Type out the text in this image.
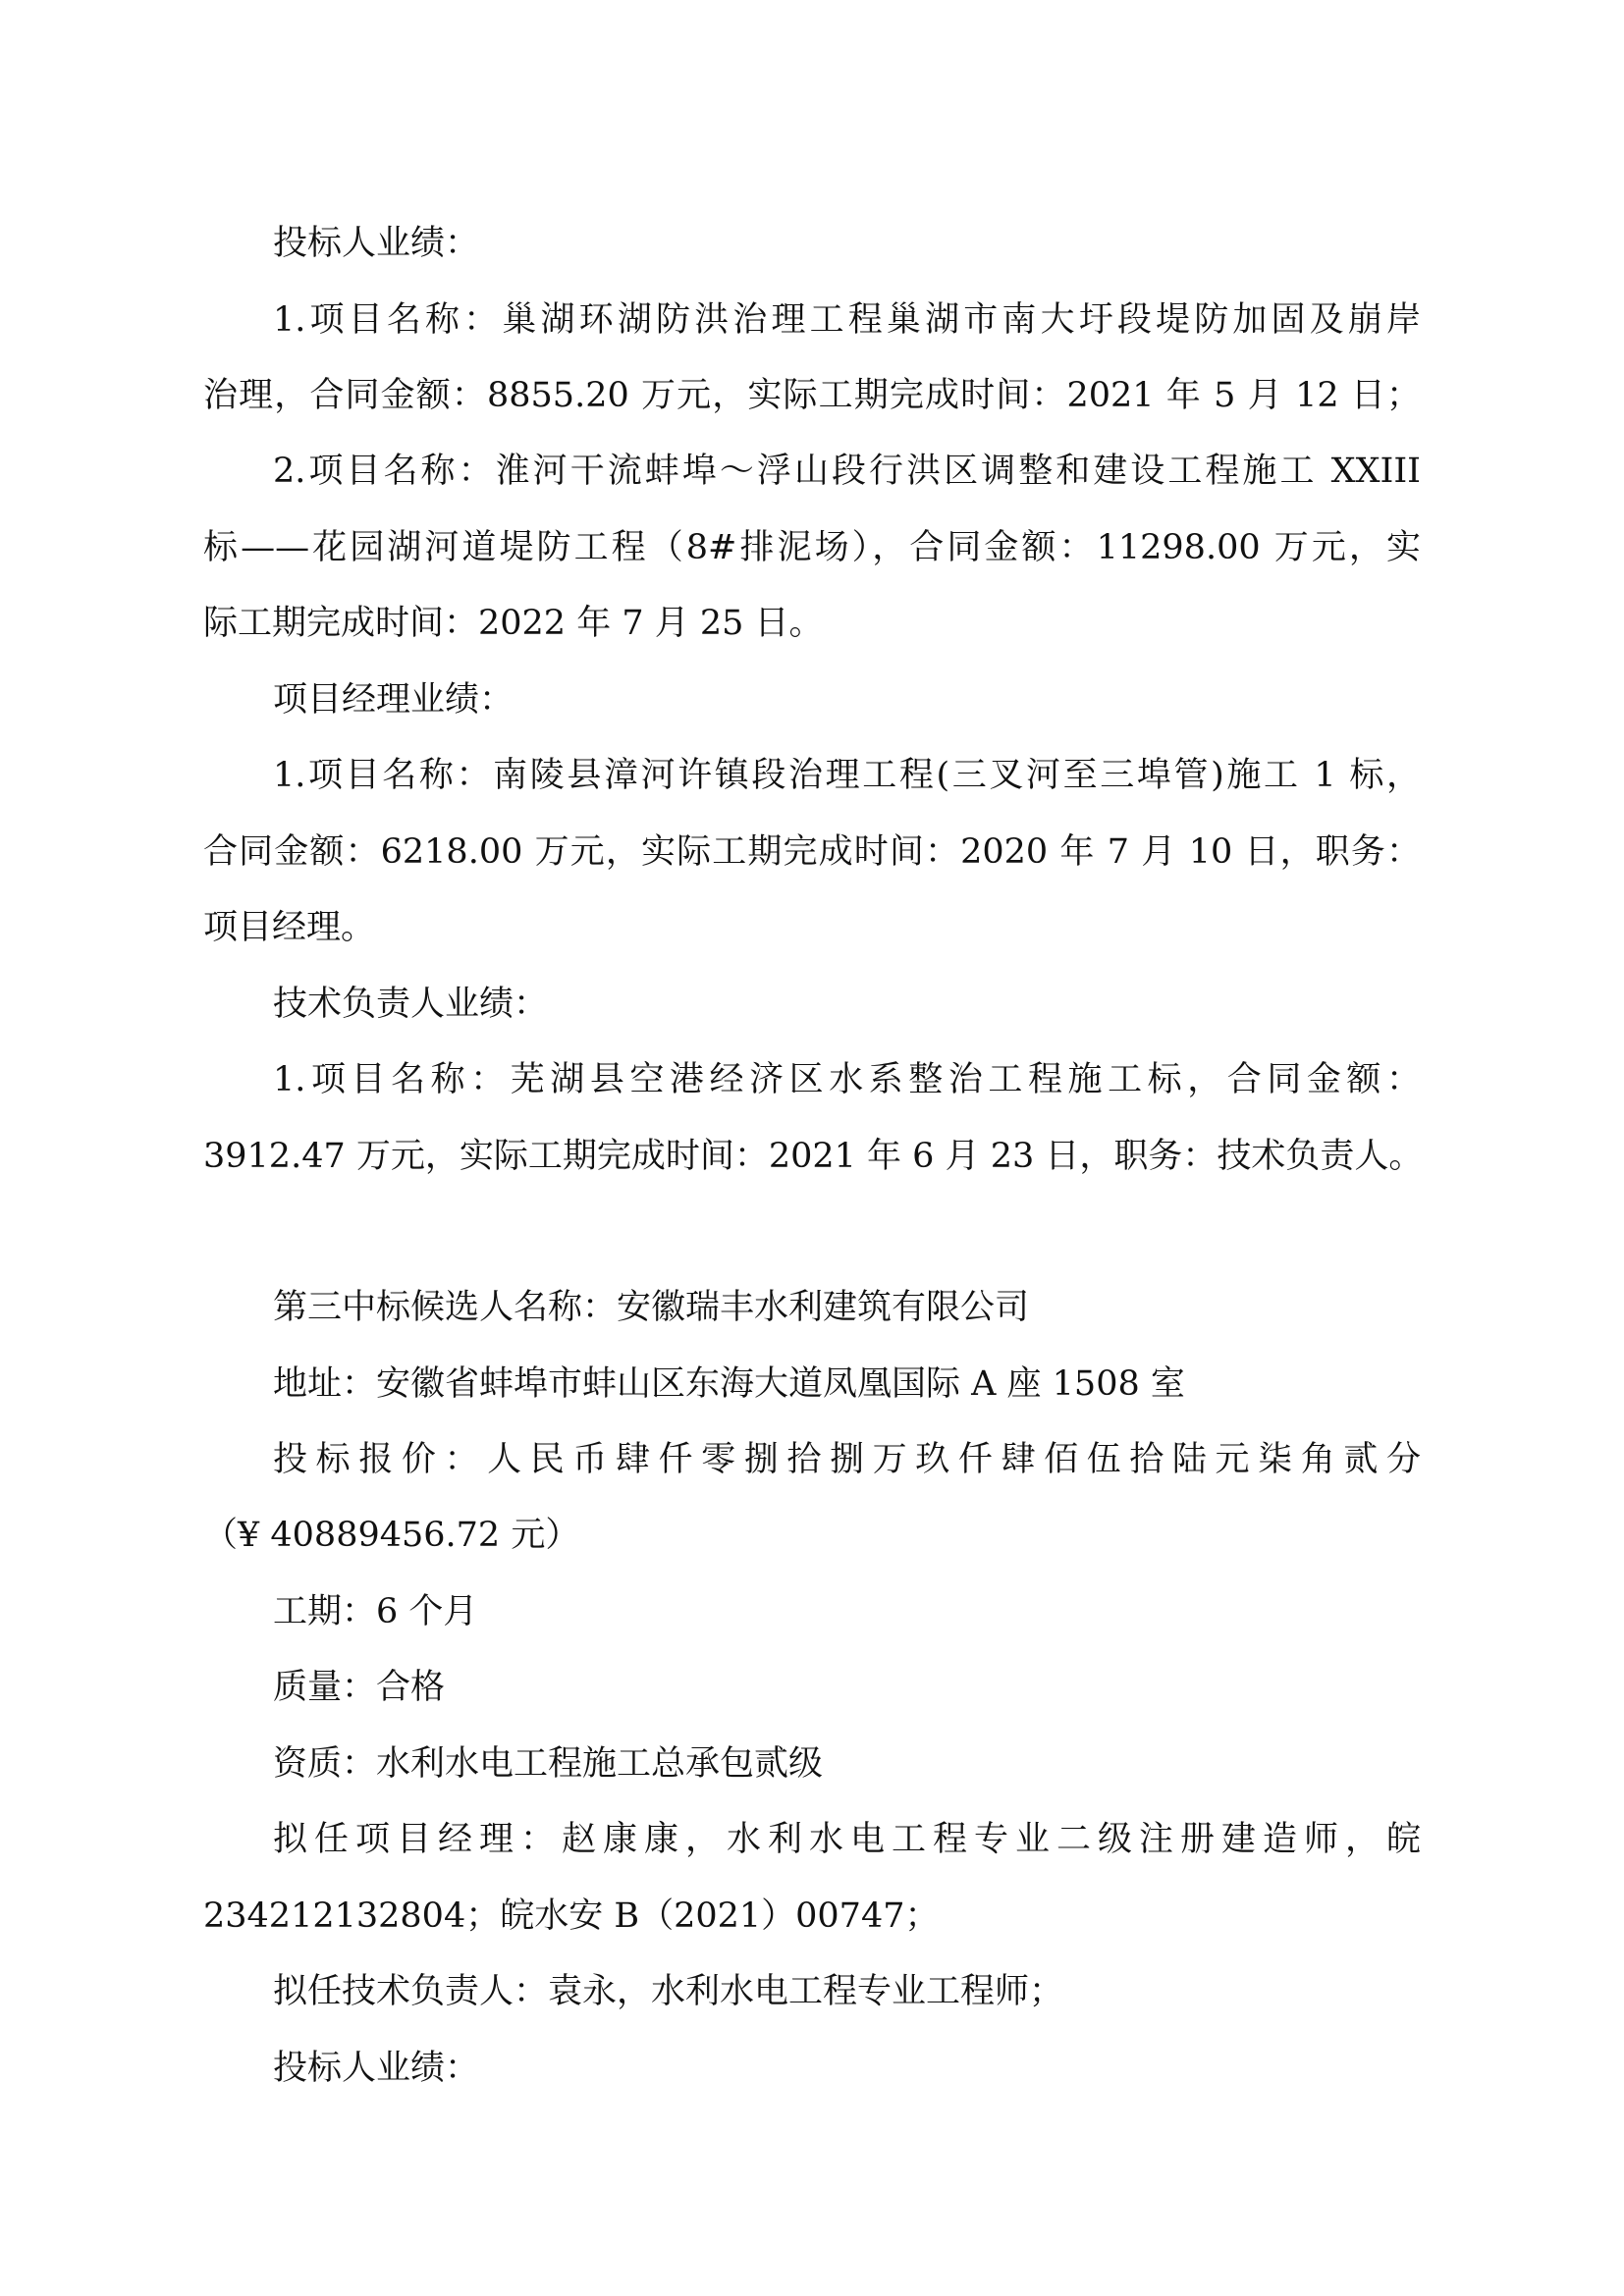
投标人业绩：

1.项目名称：巢湖环湖防洪治理工程巢湖市南大圩段堤防加固及崩岸

治理，合同金额：8855.20 万元，实际工期完成时间：2021 年 5 月 12 日；

2.项目名称：淮河干流蚌埠～浮山段行洪区调整和建设工程施工 XXIII

标——花园湖河道堤防工程（8#排泥场），合同金额：11298.00 万元，实

际工期完成时间：2022 年 7 月 25 日。

项目经理业绩：

1.项目名称：南陵县漳河许镇段治理工程(三叉河至三埠管)施工 1 标，

合同金额：6218.00 万元，实际工期完成时间：2020 年 7 月 10 日，职务：

项目经理。

技术负责人业绩：

1.项目名称：芜湖县空港经济区水系整治工程施工标，合同金额：

3912.47 万元，实际工期完成时间：2021 年 6 月 23 日，职务：技术负责人。

第三中标候选人名称：安徽瑞丰水利建筑有限公司

地址：安徽省蚌埠市蚌山区东海大道凤凰国际 A 座 1508 室

投标报价：人民币肆仟零捌拾捌万玖仟肆佰伍拾陆元柒角贰分

（¥ 40889456.72 元）

工期：6 个月

质量：合格

资质：水利水电工程施工总承包贰级

拟任项目经理：赵康康，水利水电工程专业二级注册建造师，皖

234212132804；皖水安 B（2021）00747；

拟任技术负责人：袁永，水利水电工程专业工程师；

投标人业绩：
